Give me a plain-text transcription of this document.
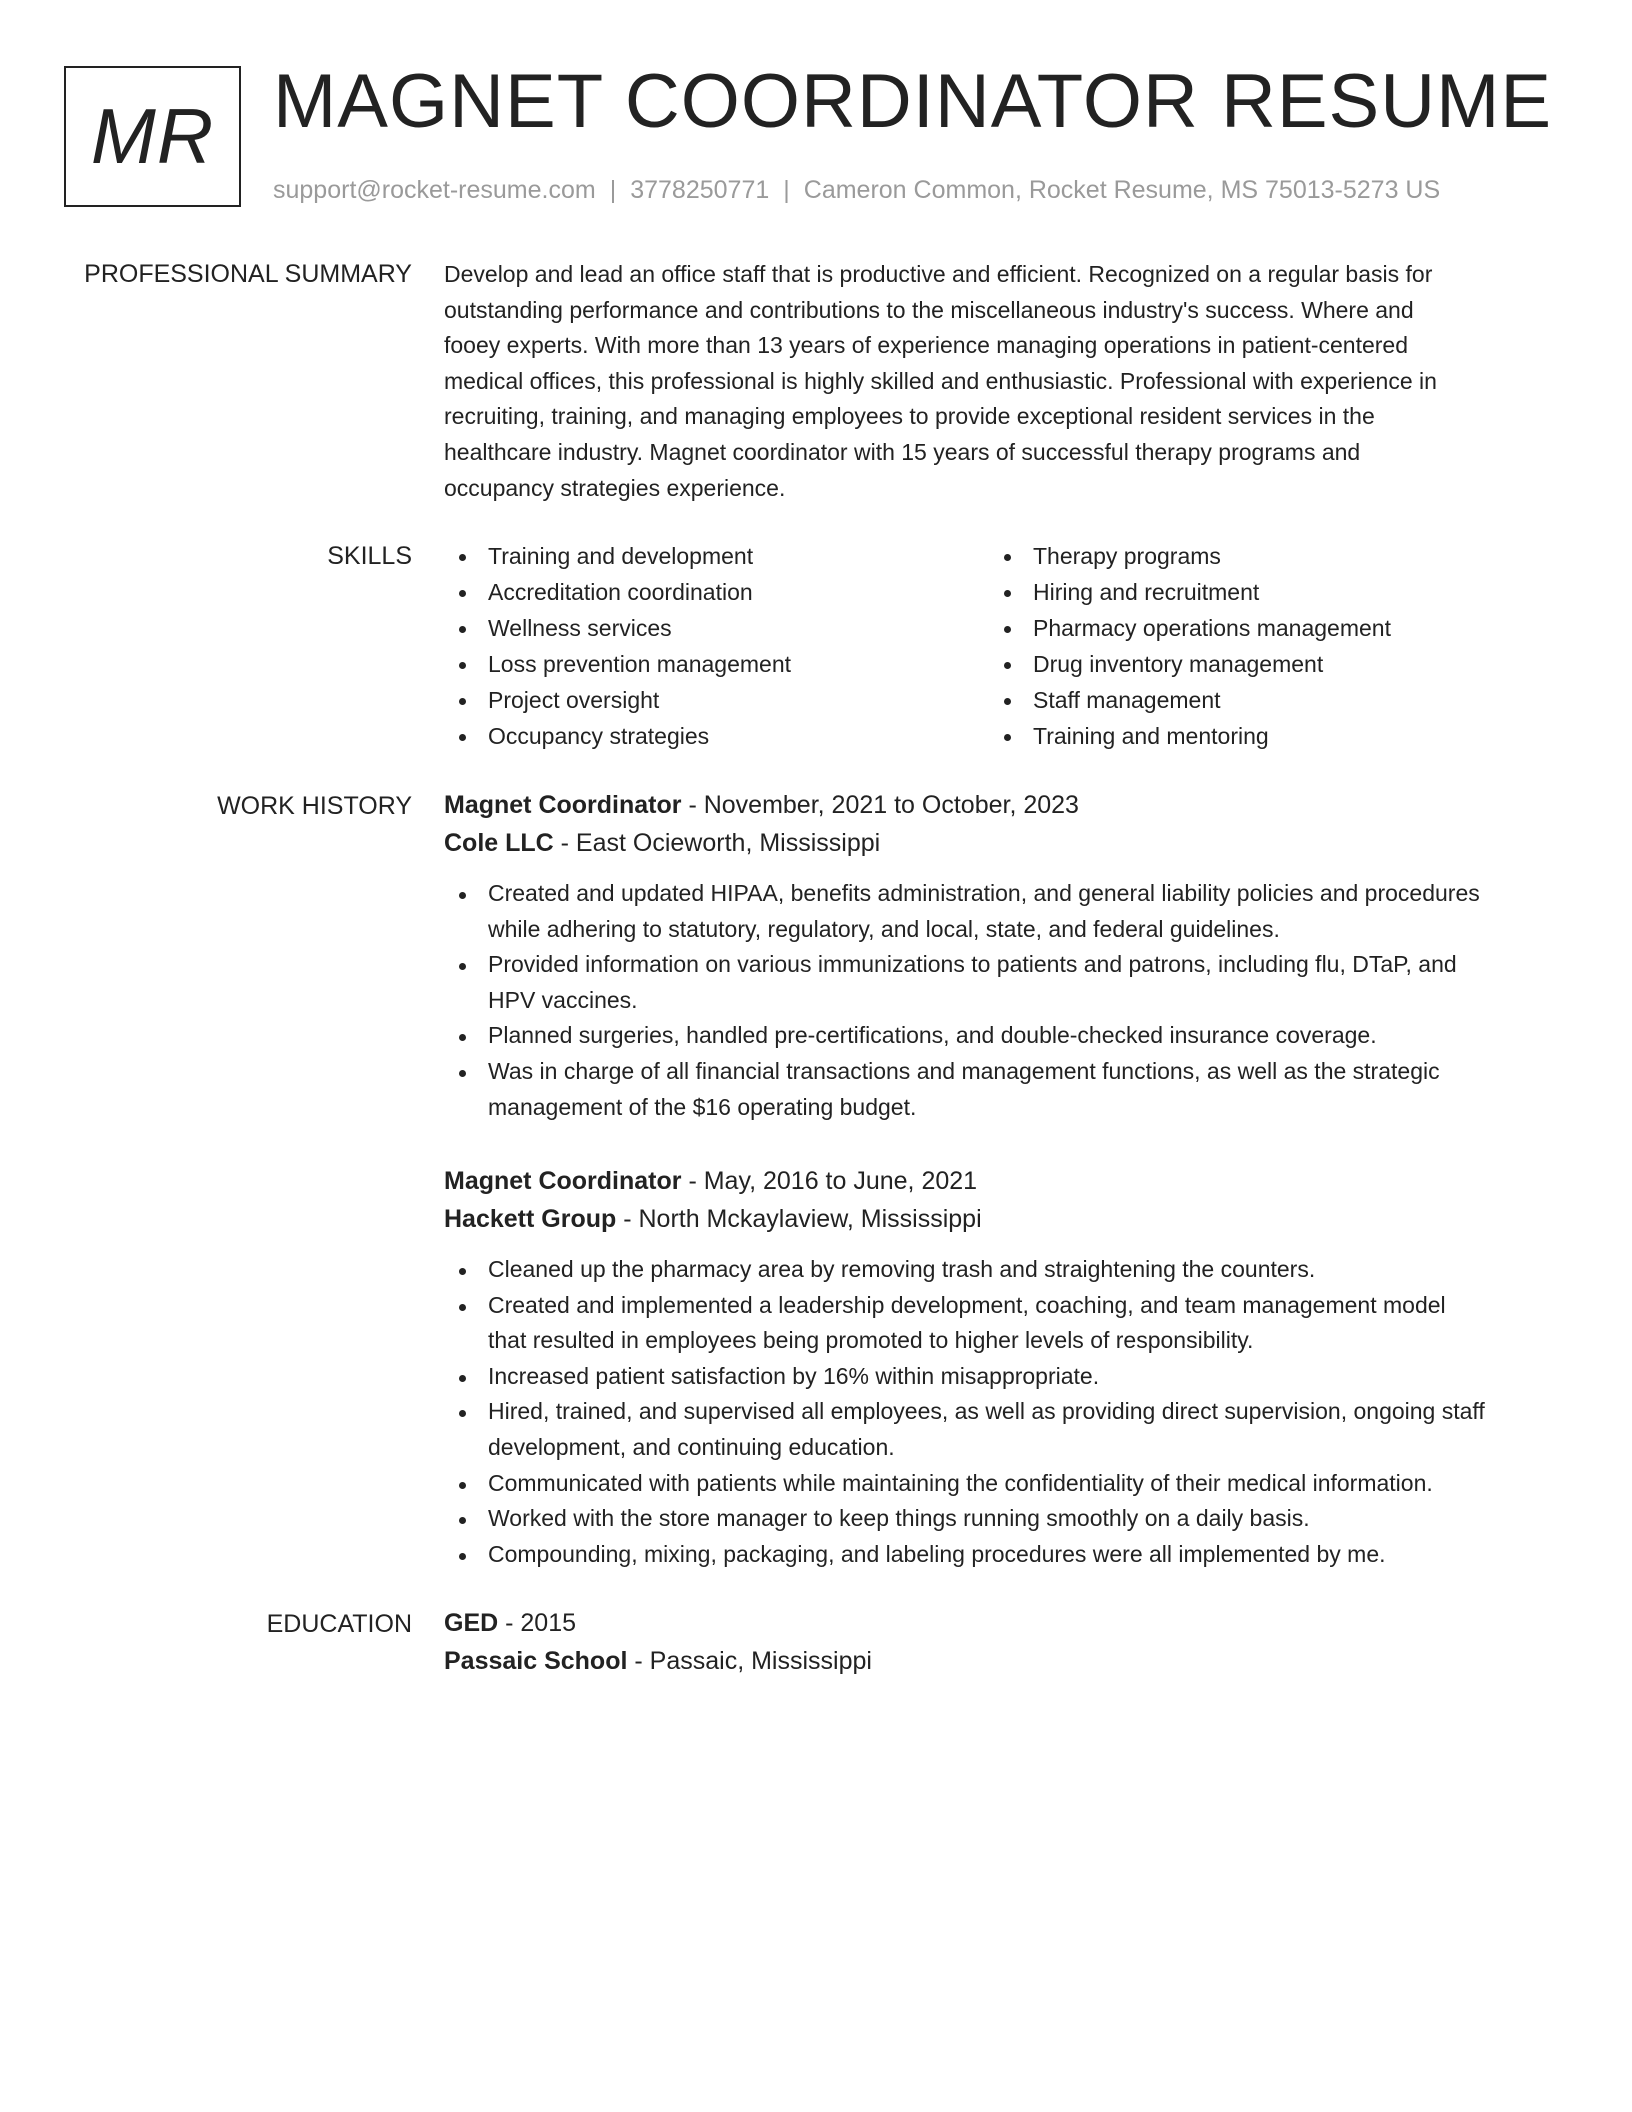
MR MAGNET COORDINATOR RESUME
support@rocket-resume.com | 3778250771 | Cameron Common, Rocket Resume, MS 75013-5273 US
PROFESSIONAL SUMMARY Develop and lead an office staff that is productive and efficient. Recognized on a regular basis for
outstanding performance and contributions to the miscellaneous industry's success. Where and
fooey experts. With more than 13 years of experience managing operations in patient-centered
medical offices, this professional is highly skilled and enthusiastic. Professional with experience in
recruiting, training, and managing employees to provide exceptional resident services in the
healthcare industry. Magnet coordinator with 15 years of successful therapy programs and
occupancy strategies experience.
SKILLS	Training and development
Accreditation coordination
Wellness services
Loss prevention management
Project oversight
Occupancy strategies
Therapy programs
Hiring and recruitment
Pharmacy operations management
Drug inventory management
Staff management
Training and mentoring
WORK HISTORY Magnet Coordinator - November, 2021 to October, 2023
Cole LLC - East Ocieworth, Mississippi
Created and updated HIPAA, benefits administration, and general liability policies and procedures
while adhering to statutory, regulatory, and local, state, and federal guidelines.
Provided information on various immunizations to patients and patrons, including flu, DTaP, and
HPV vaccines.
Planned surgeries, handled pre-certifications, and double-checked insurance coverage.
Was in charge of all financial transactions and management functions, as well as the strategic
management of the $16 operating budget.
Magnet Coordinator - May, 2016 to June, 2021
Hackett Group - North Mckaylaview, Mississippi
Cleaned up the pharmacy area by removing trash and straightening the counters.
Created and implemented a leadership development, coaching, and team management model
that resulted in employees being promoted to higher levels of responsibility.
Increased patient satisfaction by 16% within misappropriate.
Hired, trained, and supervised all employees, as well as providing direct supervision, ongoing staff
development, and continuing education.
Communicated with patients while maintaining the confidentiality of their medical information.
Worked with the store manager to keep things running smoothly on a daily basis.
Compounding, mixing, packaging, and labeling procedures were all implemented by me.
EDUCATION GED - 2015
Passaic School - Passaic, Mississippi
